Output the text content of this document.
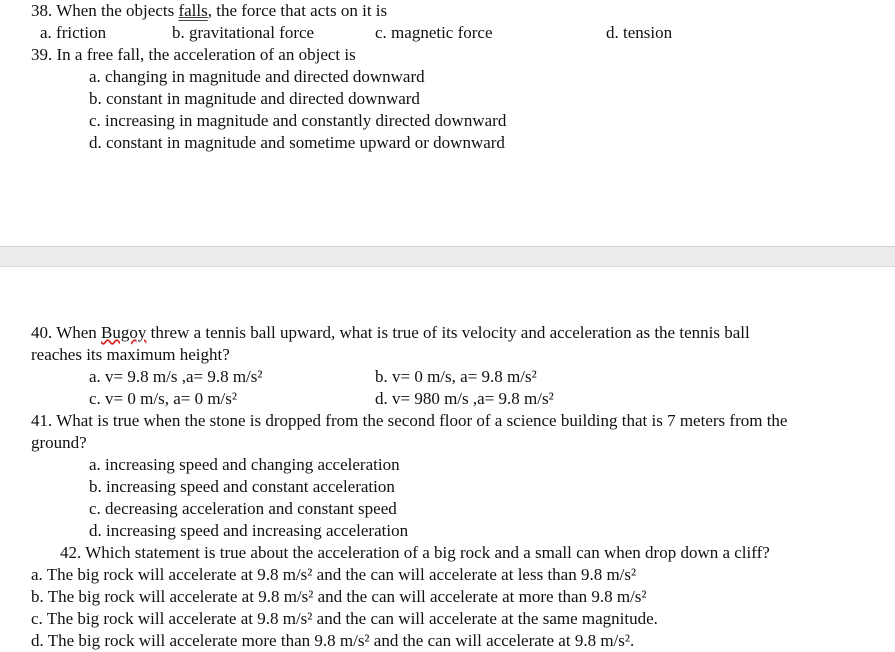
38. When the objects falls, the force that acts on it is
a. friction	b. gravitational force	c. magnetic force	d. tension
39. In a free fall, the acceleration of an object is
a. changing in magnitude and directed downward
b. constant in magnitude and directed downward
c. increasing in magnitude and constantly directed downward
d. constant in magnitude and sometime upward or downward
40. When Bugoy threw a tennis ball upward, what is true of its velocity and acceleration as the tennis ball
reaches its maximum height?
a. v= 9.8 m/s ,a= 9.8 m/s²	b. v= 0 m/s, a= 9.8 m/s²
c. v= 0 m/s, a= 0 m/s²	d. v= 980 m/s ,a= 9.8 m/s²
41. What is true when the stone is dropped from the second floor of a science building that is 7 meters from the
ground?
a. increasing speed and changing acceleration
b. increasing speed and constant acceleration
c. decreasing acceleration and constant speed
d. increasing speed and increasing acceleration
42. Which statement is true about the acceleration of a big rock and a small can when drop down a cliff?
a. The big rock will accelerate at 9.8 m/s² and the can will accelerate at less than 9.8 m/s²
b. The big rock will accelerate at 9.8 m/s² and the can will accelerate at more than 9.8 m/s²
c. The big rock will accelerate at 9.8 m/s² and the can will accelerate at the same magnitude.
d. The big rock will accelerate more than 9.8 m/s² and the can will accelerate at 9.8 m/s².
